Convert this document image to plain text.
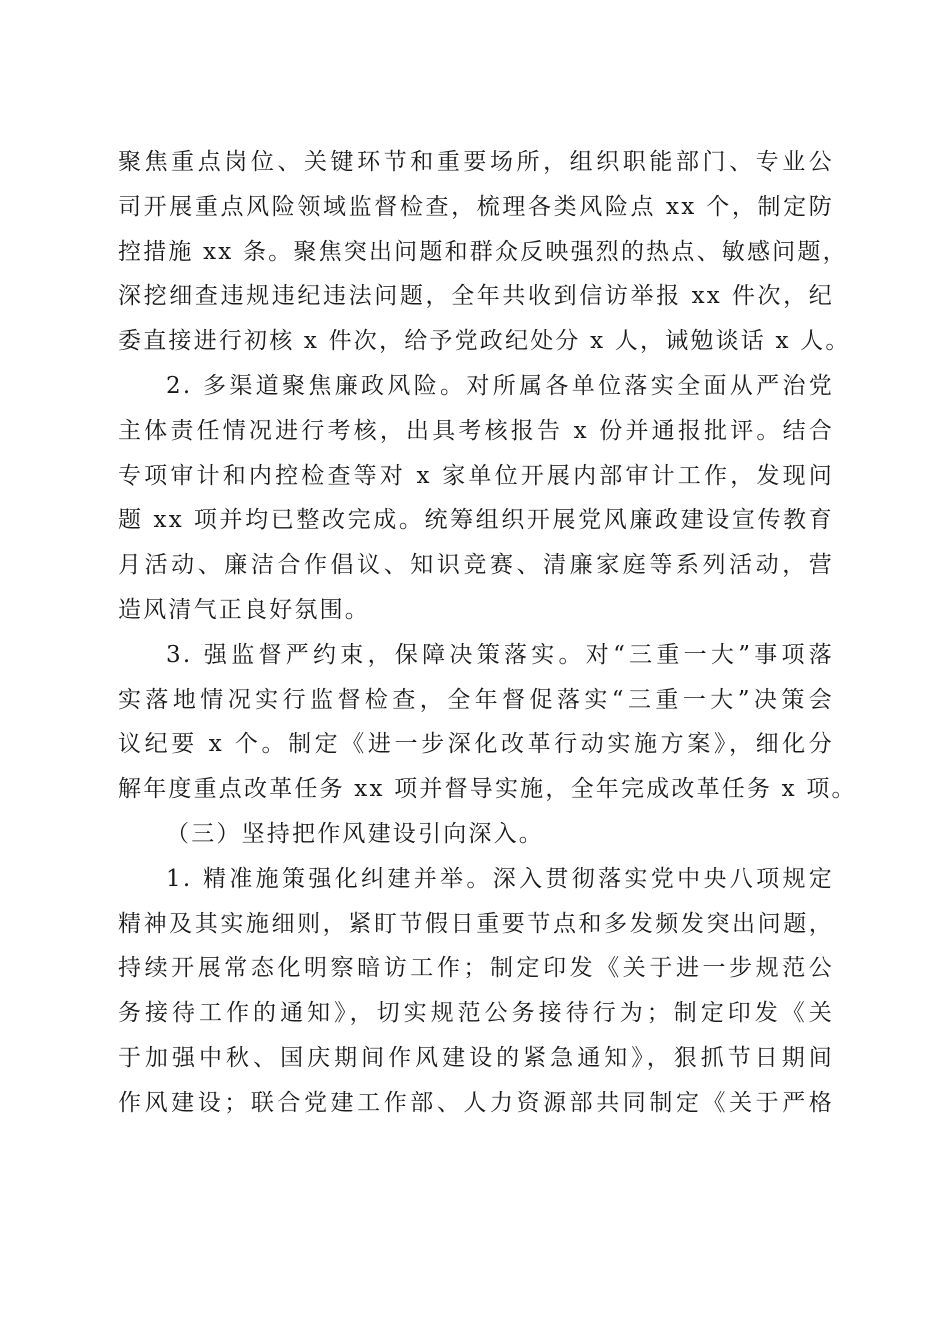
聚焦重点岗位、关键环节和重要场所，组织职能部门、专业公
司开展重点风险领域监督检查，梳理各类风险点 xx 个，制定防
控措施 xx 条。聚焦突出问题和群众反映强烈的热点、敏感问题，
深挖细查违规违纪违法问题，全年共收到信访举报 xx 件次，纪
委直接进行初核 x 件次，给予党政纪处分 x 人，诫勉谈话 x 人。
2. 多渠道聚焦廉政风险。对所属各单位落实全面从严治党
主体责任情况进行考核，出具考核报告 x 份并通报批评。结合
专项审计和内控检查等对 x 家单位开展内部审计工作，发现问
题 xx 项并均已整改完成。统筹组织开展党风廉政建设宣传教育
月活动、廉洁合作倡议、知识竞赛、清廉家庭等系列活动，营
造风清气正良好氛围。
3. 强监督严约束，保障决策落实。对“三重一大”事项落
实落地情况实行监督检查，全年督促落实“三重一大”决策会
议纪要 x 个。制定《进一步深化改革行动实施方案》，细化分
解年度重点改革任务 xx 项并督导实施，全年完成改革任务 x 项。
（三）坚持把作风建设引向深入。
1. 精准施策强化纠建并举。深入贯彻落实党中央八项规定
精神及其实施细则，紧盯节假日重要节点和多发频发突出问题，
持续开展常态化明察暗访工作；制定印发《关于进一步规范公
务接待工作的通知》，切实规范公务接待行为；制定印发《关
于加强中秋、国庆期间作风建设的紧急通知》，狠抓节日期间
作风建设；联合党建工作部、人力资源部共同制定《关于严格
